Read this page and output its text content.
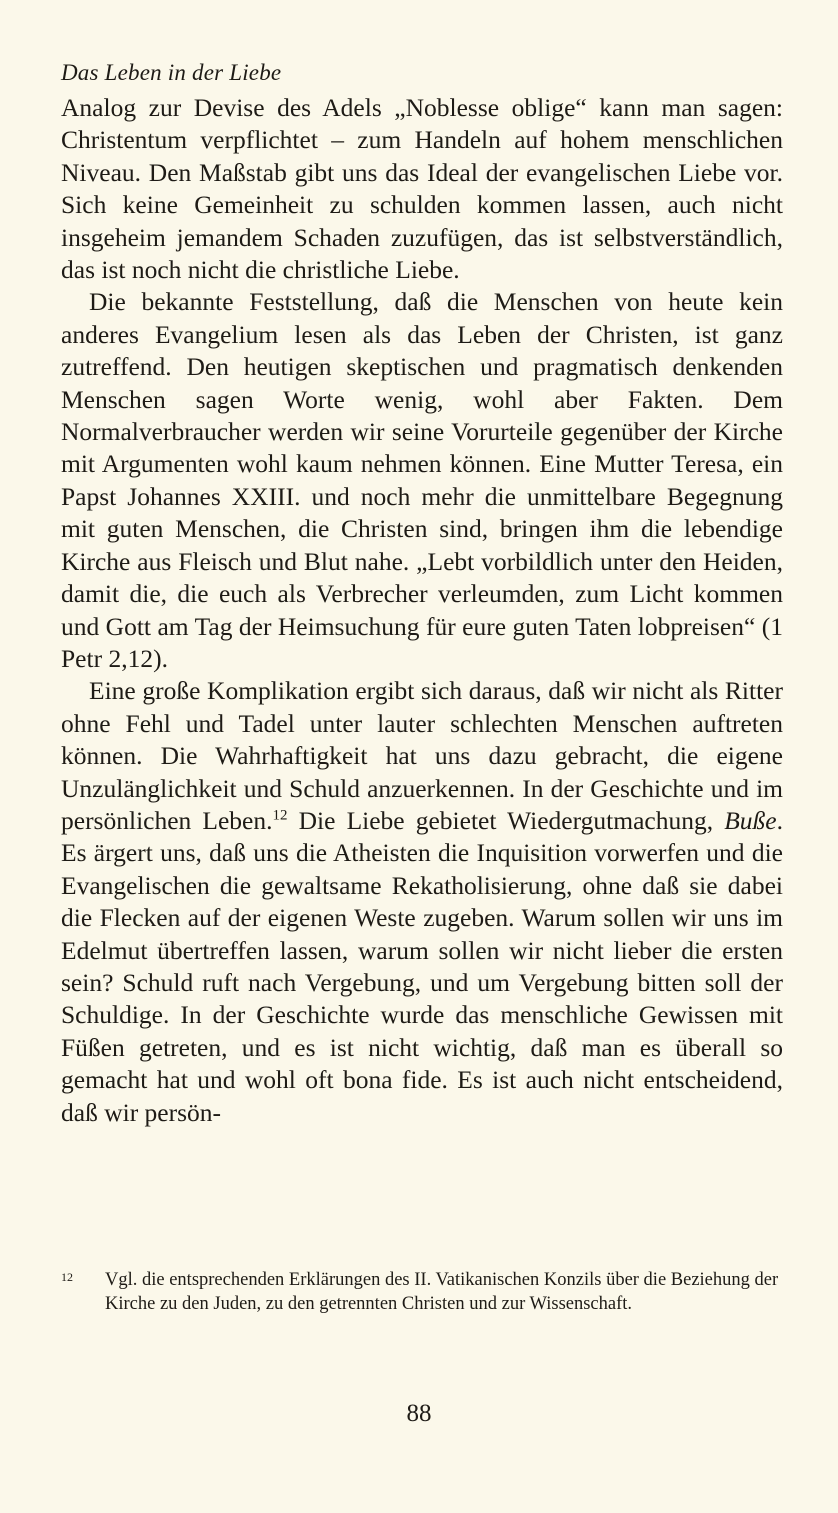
Das Leben in der Liebe

Analog zur Devise des Adels „Noblesse oblige“ kann man sagen: Christentum verpflichtet – zum Handeln auf hohem menschlichen Niveau. Den Maßstab gibt uns das Ideal der evangelischen Liebe vor. Sich keine Gemeinheit zu schulden kommen lassen, auch nicht insgeheim jemandem Schaden zuzufügen, das ist selbstverständlich, das ist noch nicht die christliche Liebe.

Die bekannte Feststellung, daß die Menschen von heute kein anderes Evangelium lesen als das Leben der Christen, ist ganz zutreffend. Den heutigen skeptischen und pragmatisch denkenden Menschen sagen Worte wenig, wohl aber Fakten. Dem Normalverbraucher werden wir seine Vorurteile gegenüber der Kirche mit Argumenten wohl kaum nehmen können. Eine Mutter Teresa, ein Papst Johannes XXIII. und noch mehr die unmittelbare Begegnung mit guten Menschen, die Christen sind, bringen ihm die lebendige Kirche aus Fleisch und Blut nahe. „Lebt vorbildlich unter den Heiden, damit die, die euch als Verbrecher verleumden, zum Licht kommen und Gott am Tag der Heimsuchung für eure guten Taten lobpreisen“ (1 Petr 2,12).

Eine große Komplikation ergibt sich daraus, daß wir nicht als Ritter ohne Fehl und Tadel unter lauter schlechten Menschen auftreten können. Die Wahrhaftigkeit hat uns dazu gebracht, die eigene Unzulänglichkeit und Schuld anzuerkennen. In der Geschichte und im persönlichen Leben.$^{12}$ Die Liebe gebietet Wiedergutmachung, Buße. Es ärgert uns, daß uns die Atheisten die Inquisition vorwerfen und die Evangelischen die gewaltsame Rekatholisierung, ohne daß sie dabei die Flecken auf der eigenen Weste zugeben. Warum sollen wir uns im Edelmut übertreffen lassen, warum sollen wir nicht lieber die ersten sein? Schuld ruft nach Vergebung, und um Vergebung bitten soll der Schuldige. In der Geschichte wurde das menschliche Gewissen mit Füßen getreten, und es ist nicht wichtig, daß man es überall so gemacht hat und wohl oft bona fide. Es ist auch nicht entscheidend, daß wir persön-

12	Vgl. die entsprechenden Erklärungen des II. Vatikanischen Konzils über die Beziehung der Kirche zu den Juden, zu den getrennten Christen und zur Wissenschaft.
88
